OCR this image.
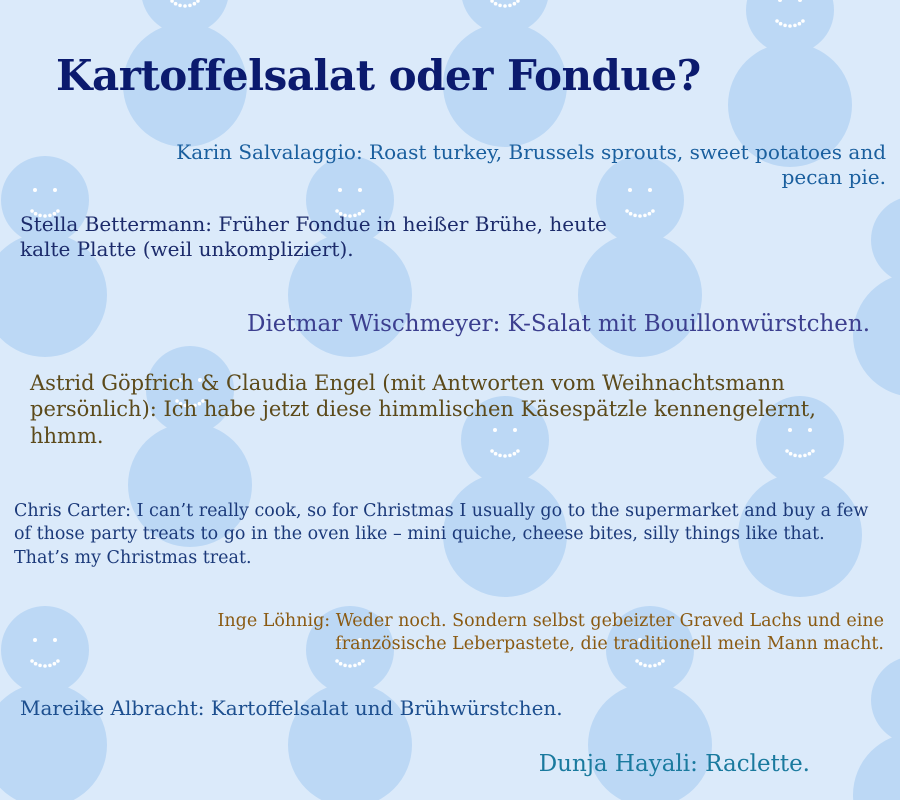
Kartoffelsalat oder Fondue?

Karin Salvalaggio: Roast turkey, Brussels sprouts, sweet potatoes and pecan pie.

Stella Bettermann: Früher Fondue in heißer Brühe, heute kalte Platte (weil unkompliziert).

Dietmar Wischmeyer: K-Salat mit Bouillonwürstchen.

Astrid Göpfrich & Claudia Engel (mit Antworten vom Weihnachtsmann persönlich): Ich habe jetzt diese himmlischen Käsespätzle kennengelernt, hhmm.

Chris Carter: I can’t really cook, so for Christmas I usually go to the supermarket and buy a few of those party treats to go in the oven like – mini quiche, cheese bites, silly things like that. That’s my Christmas treat.

Inge Löhnig: Weder noch. Sondern selbst gebeizter Graved Lachs und eine französische Leberpastete, die traditionell mein Mann macht.

Mareike Albracht: Kartoffelsalat und Brühwürstchen.

Dunja Hayali: Raclette.
